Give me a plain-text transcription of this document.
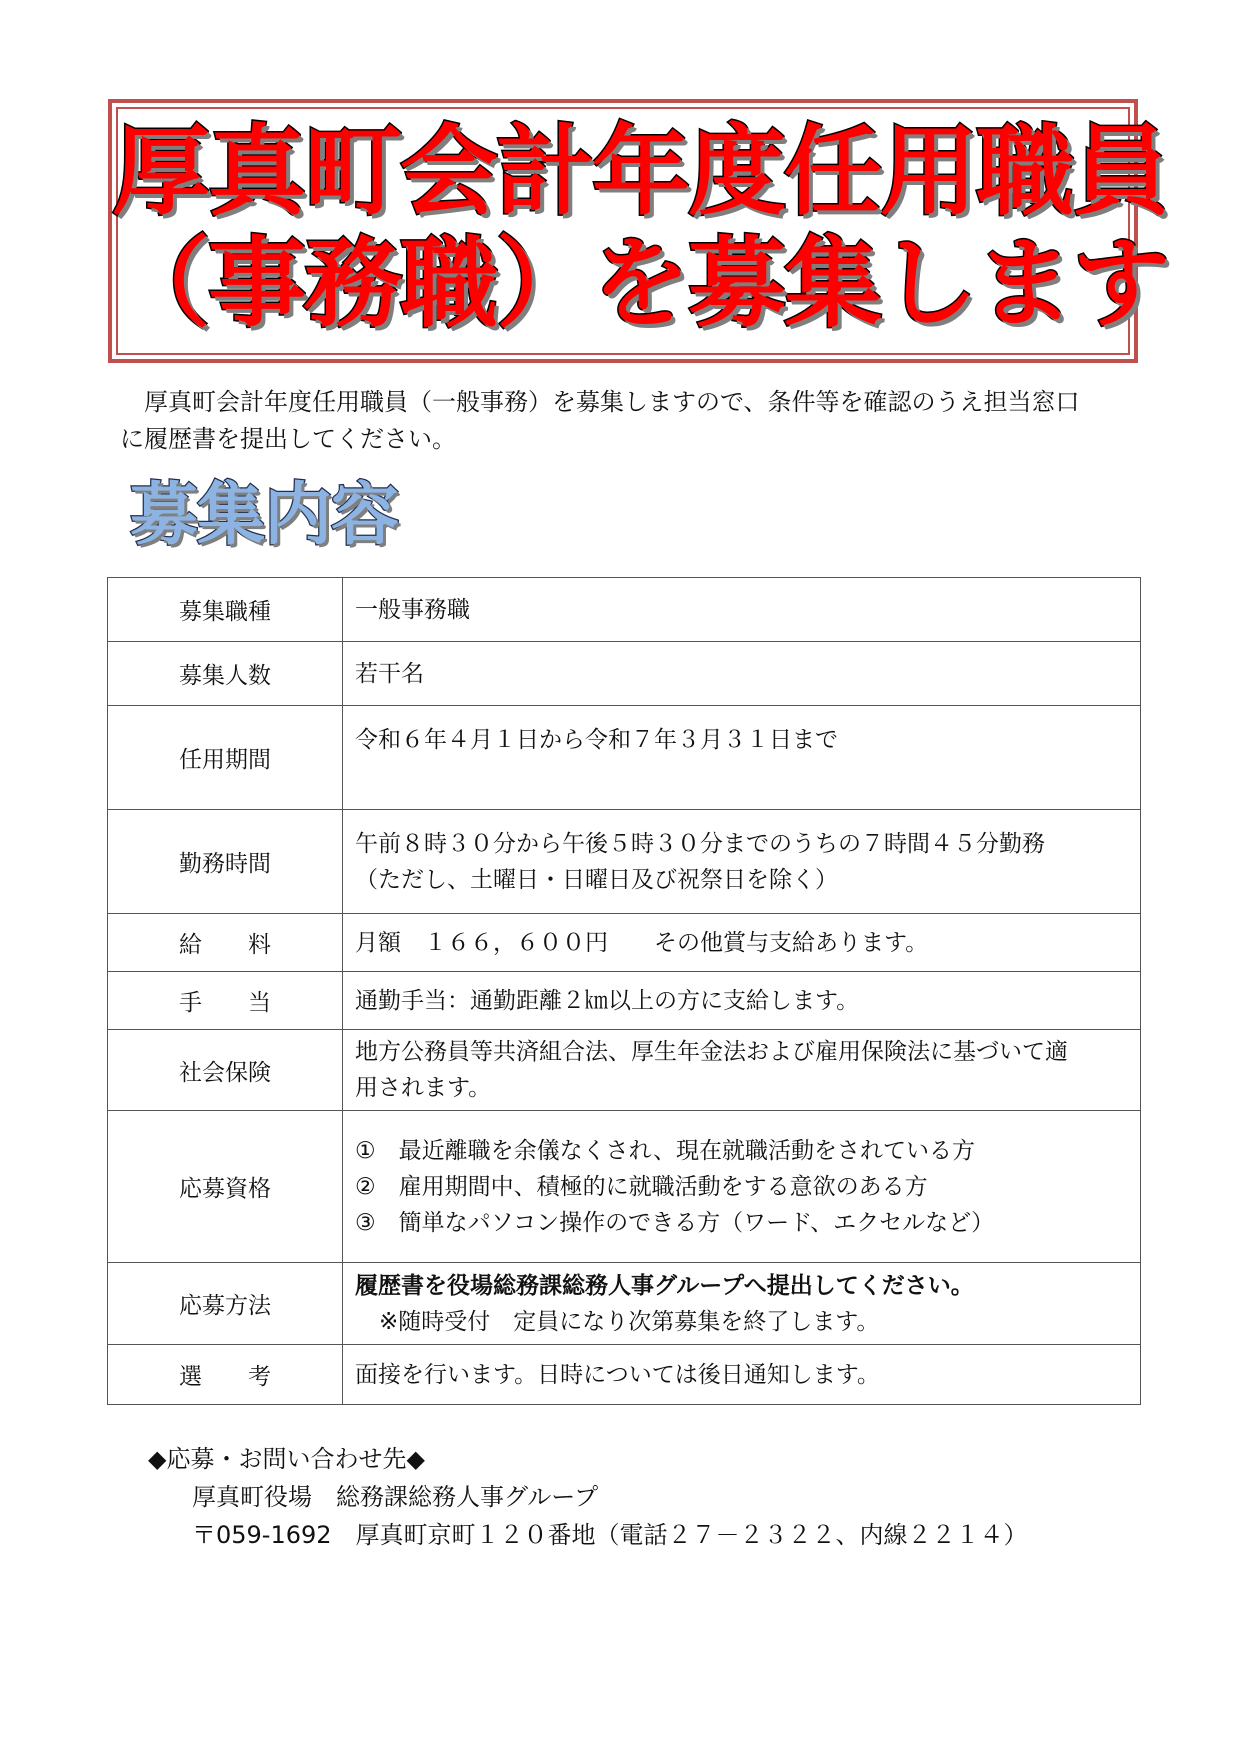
厚真町会計年度任用職員
（事務職）を募集します

厚真町会計年度任用職員（一般事務）を募集しますので、条件等を確認のうえ担当窓口

に履歴書を提出してください。

募集内容
募集職種	一般事務職

募集人数	若干名

任用期間	令和６年４月１日から令和７年３月３１日まで

勤務時間	午前８時３０分から午後５時３０分までのうちの７時間４５分勤務
（ただし、土曜日・日曜日及び祝祭日を除く）

給　　料	月額　１６６，６００円　　その他賞与支給あります。

手　　当	通勤手当：通勤距離２㎞以上の方に支給します。

社会保険	地方公務員等共済組合法、厚生年金法および雇用保険法に基づいて適
用されます。

応募資格	①　最近離職を余儀なくされ、現在就職活動をされている方
②　雇用期間中、積極的に就職活動をする意欲のある方
③　簡単なパソコン操作のできる方（ワード、エクセルなど）

応募方法	履歴書を役場総務課総務人事グループへ提出してください。
※随時受付　定員になり次第募集を終了します。

選　　考	面接を行います。日時については後日通知します。
◆応募・お問い合わせ先◆
厚真町役場　総務課総務人事グループ
〒059-1692　厚真町京町１２０番地（電話２７－２３２２、内線２２１４）
